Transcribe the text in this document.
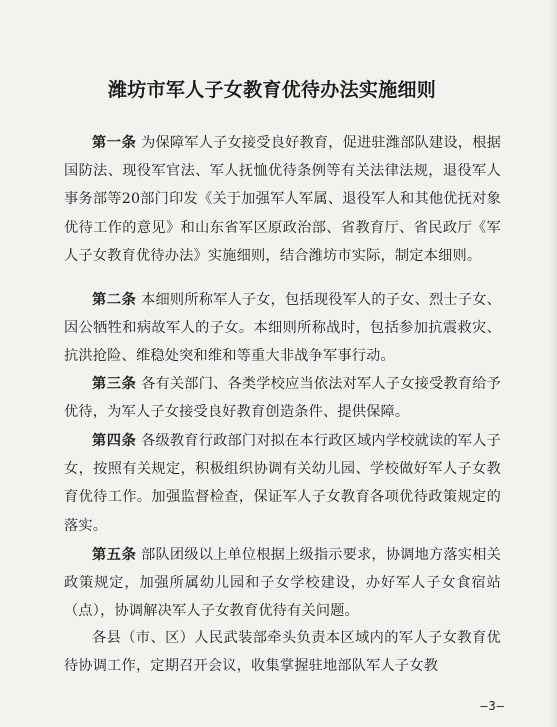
潍坊市军人子女教育优待办法实施细则

第一条 为保障军人子女接受良好教育，促进驻潍部队建设，根据国防法、现役军官法、军人抚恤优待条例等有关法律法规，退役军人事务部等20部门印发《关于加强军人军属、退役军人和其他优抚对象优待工作的意见》和山东省军区原政治部、省教育厅、省民政厅《军人子女教育优待办法》实施细则，结合潍坊市实际，制定本细则。

第二条 本细则所称军人子女，包括现役军人的子女、烈士子女、因公牺牲和病故军人的子女。本细则所称战时，包括参加抗震救灾、抗洪抢险、维稳处突和维和等重大非战争军事行动。

第三条 各有关部门、各类学校应当依法对军人子女接受教育给予优待，为军人子女接受良好教育创造条件、提供保障。

第四条 各级教育行政部门对拟在本行政区域内学校就读的军人子女，按照有关规定，积极组织协调有关幼儿园、学校做好军人子女教育优待工作。加强监督检查，保证军人子女教育各项优待政策规定的落实。

第五条 部队团级以上单位根据上级指示要求，协调地方落实相关政策规定，加强所属幼儿园和子女学校建设，办好军人子女食宿站（点），协调解决军人子女教育优待有关问题。

各县（市、区）人民武装部牵头负责本区域内的军人子女教育优待协调工作，定期召开会议，收集掌握驻地部队军人子女教

—3—
